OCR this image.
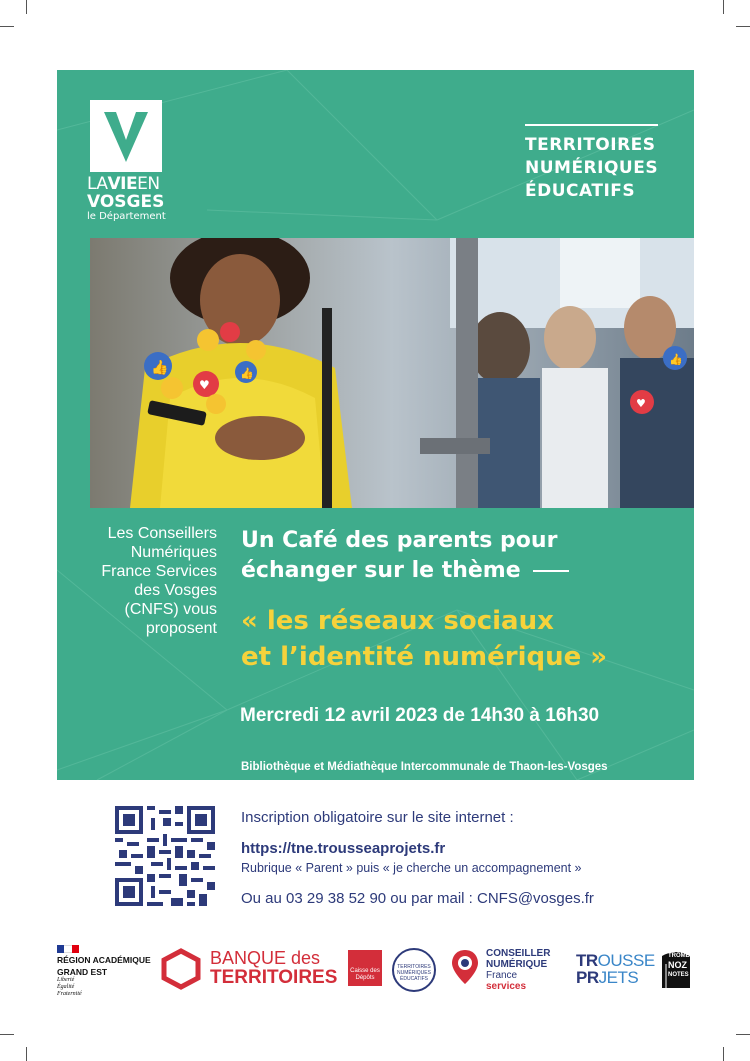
LAVIEEN
VOSGES
le Département
TERRITOIRES
NUMÉRIQUES
ÉDUCATIFS
👍
♥
👍
♥
👍
Les Conseillers
Numériques
France Services
des Vosges
(CNFS) vous
proposent
Un Café des parents pour
échanger sur le thème
« les réseaux sociaux
et l’identité numérique »
Mercredi 12 avril 2023 de 14h30 à 16h30
Bibliothèque et Médiathèque Intercommunale de Thaon-les-Vosges
Inscription obligatoire sur le site internet :
https://tne.trousseaprojets.fr
Rubrique « Parent » puis « je cherche un accompagnement »
Ou au 03 29 38 52 90 ou par mail : CNFS@vosges.fr
RÉGION ACADÉMIQUE
GRAND EST
Liberté
Égalité
Fraternité
BANQUE des
TERRITOIRES	Caisse des Dépôts
TERRITOIRES NUMÉRIQUES ÉDUCATIFS
CONSEILLER
NUMÉRIQUE
France
services
TROUSSE
PRJETS
TROMBI
NOZ
NOTES
